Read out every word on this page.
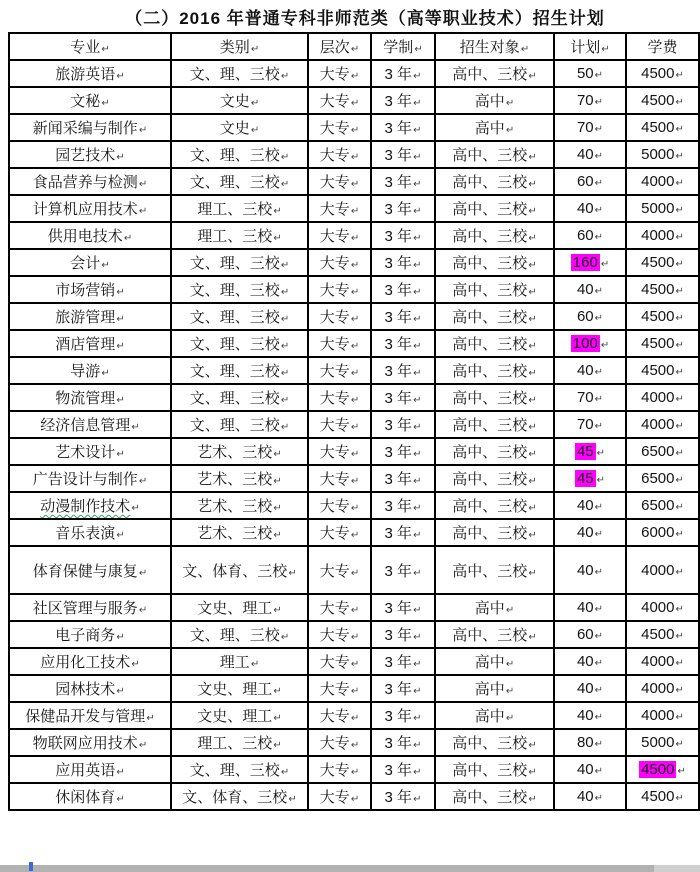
（二）2016 年普通专科非师范类（高等职业技术）招生计划
专业↵	类别↵	层次↵	学制↵	招生对象↵	计划↵	学费
旅游英语↵	文、理、三校↵	大专↵	3 年↵	高中、三校↵	50↵	4500↵
文秘↵	文史↵	大专↵	3 年↵	高中↵	70↵	4500↵
新闻采编与制作↵	文史↵	大专↵	3 年↵	高中↵	70↵	4500↵
园艺技术↵	文、理、三校↵	大专↵	3 年↵	高中、三校↵	40↵	5000↵
食品营养与检测↵	文、理、三校↵	大专↵	3 年↵	高中、三校↵	60↵	4000↵
计算机应用技术↵	理工、三校↵	大专↵	3 年↵	高中、三校↵	40↵	5000↵
供用电技术↵	理工、三校↵	大专↵	3 年↵	高中、三校↵	60↵	4000↵
会计↵	文、理、三校↵	大专↵	3 年↵	高中、三校↵	160 ↵	4500↵
市场营销↵	文、理、三校↵	大专↵	3 年↵	高中、三校↵	40↵	4500↵
旅游管理↵	文、理、三校↵	大专↵	3 年↵	高中、三校↵	60↵	4500↵
酒店管理↵	文、理、三校↵	大专↵	3 年↵	高中、三校↵	100 ↵	4500↵
导游↵	文、理、三校↵	大专↵	3 年↵	高中、三校↵	40↵	4500↵
物流管理↵	文、理、三校↵	大专↵	3 年↵	高中、三校↵	70↵	4000↵
经济信息管理↵	文、理、三校↵	大专↵	3 年↵	高中、三校↵	70↵	4000↵
艺术设计↵	艺术、三校↵	大专↵	3 年↵	高中、三校↵	45 ↵	6500↵
广告设计与制作↵	艺术、三校↵	大专↵	3 年↵	高中、三校↵	45 ↵	6500↵
动漫制作技术↵	艺术、三校↵	大专↵	3 年↵	高中、三校↵	40↵	6500↵
音乐表演↵	艺术、三校↵	大专↵	3 年↵	高中、三校↵	40↵	6000↵
体育保健与康复↵	文、体育、三校↵	大专↵	3 年↵	高中、三校↵	40↵	4000↵
社区管理与服务↵	文史、理工↵	大专↵	3 年↵	高中↵	40↵	4000↵
电子商务↵	文、理、三校↵	大专↵	3 年↵	高中、三校↵	60↵	4500↵
应用化工技术↵	理工↵	大专↵	3 年↵	高中↵	40↵	4000↵
园林技术↵	文史、理工↵	大专↵	3 年↵	高中↵	40↵	4000↵
保健品开发与管理↵	文史、理工↵	大专↵	3 年↵	高中↵	40↵	4000↵
物联网应用技术↵	理工、三校↵	大专↵	3 年↵	高中、三校↵	80↵	5000↵
应用英语↵	文、理、三校↵	大专↵	3 年↵	高中、三校↵	40↵	4500 ↵
休闲体育↵	文、体育、三校↵	大专↵	3 年↵	高中、三校↵	40↵	4500↵
